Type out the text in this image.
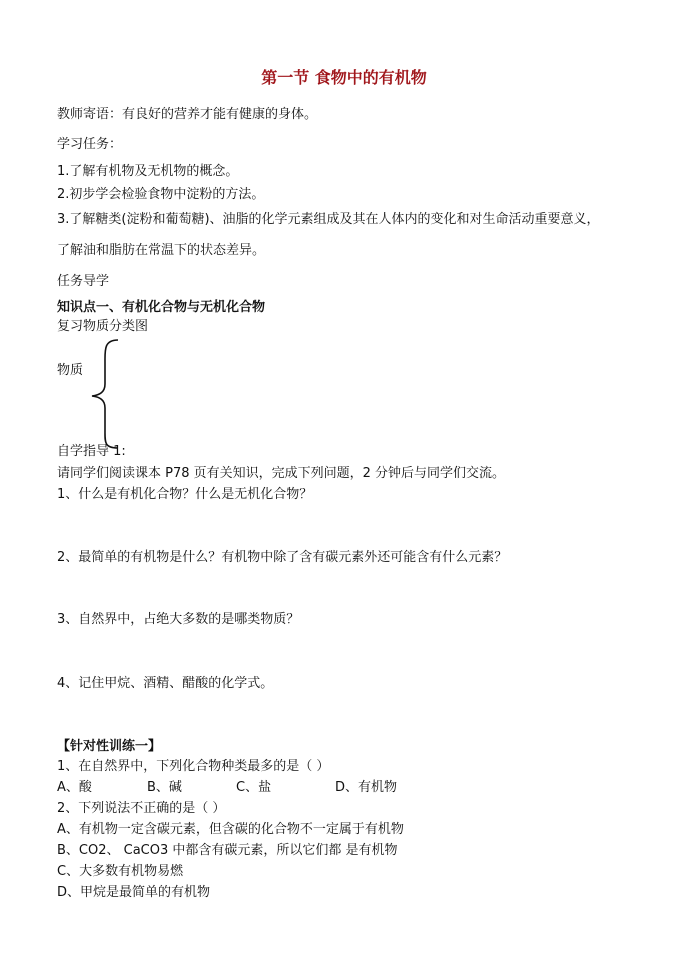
第一节 食物中的有机物
教师寄语：有良好的营养才能有健康的身体。
学习任务：
1.了解有机物及无机物的概念。
2.初步学会检验食物中淀粉的方法。
3.了解糖类(淀粉和葡萄糖)、油脂的化学元素组成及其在人体内的变化和对生命活动重要意义，
了解油和脂肪在常温下的状态差异。
任务导学
知识点一、有机化合物与无机化合物
复习物质分类图
物质
自学指导 1:
请同学们阅读课本 P78 页有关知识，完成下列问题，2 分钟后与同学们交流。
1、什么是有机化合物？什么是无机化合物？
2、最简单的有机物是什么？有机物中除了含有碳元素外还可能含有什么元素？
3、自然界中，占绝大多数的是哪类物质？
4、记住甲烷、酒精、醋酸的化学式。
【针对性训练一】
1、在自然界中，下列化合物种类最多的是（ ）
A、酸	B、碱	C、盐	D、有机物
2、下列说法不正确的是（ ）
A、有机物一定含碳元素，但含碳的化合物不一定属于有机物
B、CO2、 CaCO3 中都含有碳元素，所以它们都 是有机物
C、大多数有机物易燃
D、甲烷是最简单的有机物
